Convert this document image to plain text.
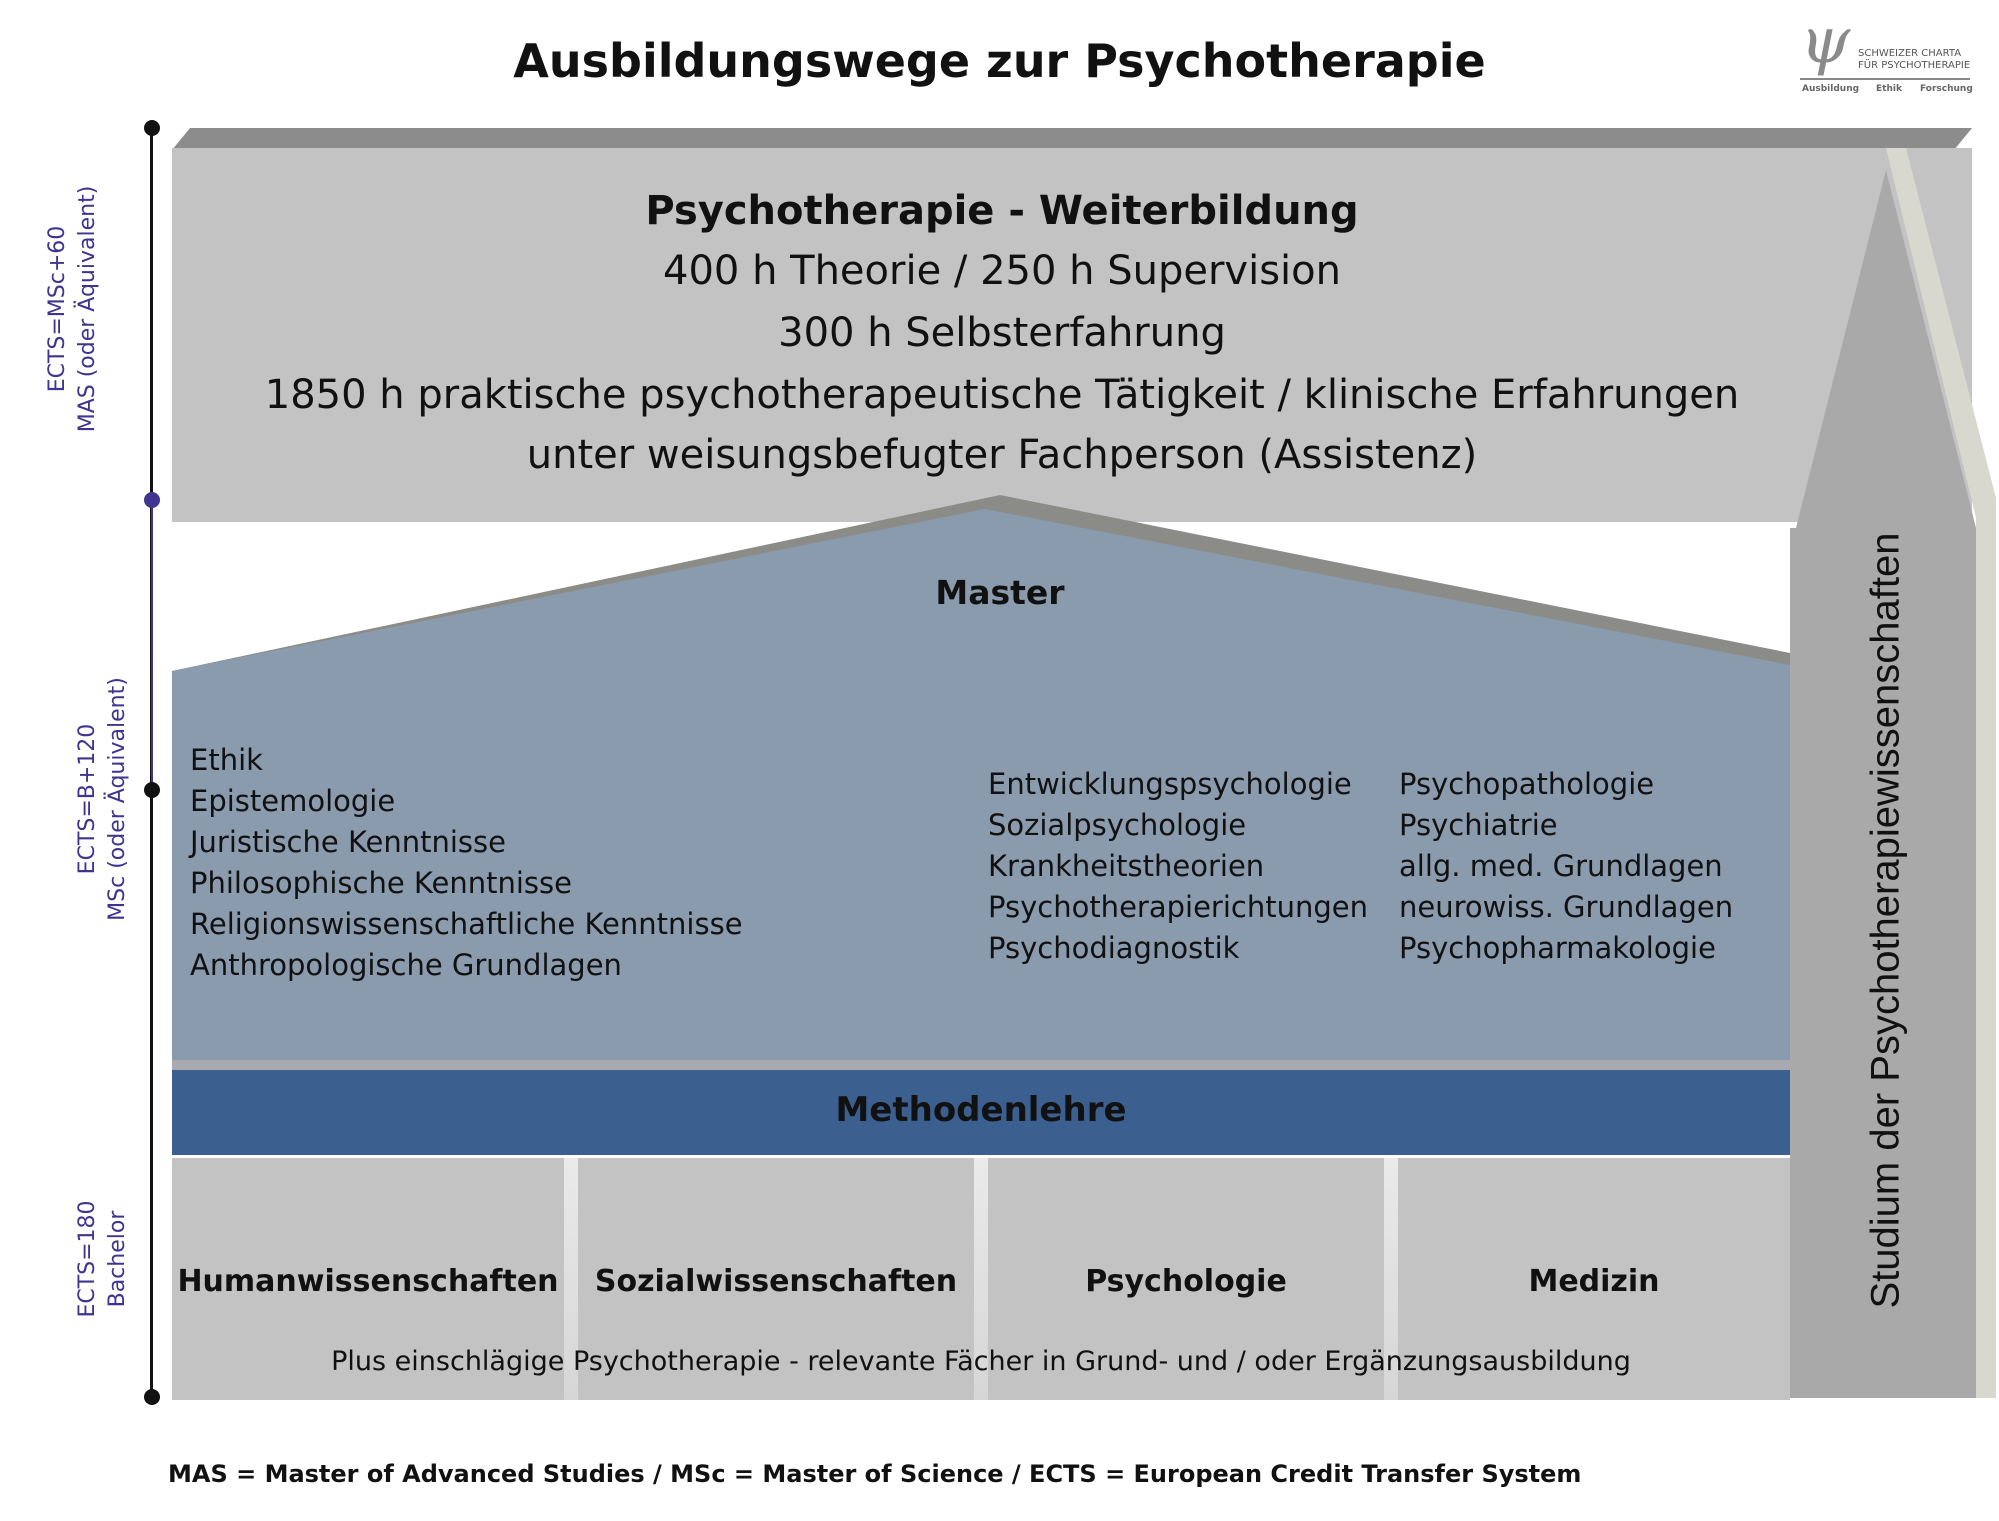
Ausbildungswege zur Psychotherapie	ψ SCHWEIZER CHARTA
FÜR PSYCHOTHERAPIE
Ausbildung Ethik Forschung
ECTS=MSc+60 MAS (oder Äquivalent)
ECTS=B+120 MSc (oder Äquivalent)
ECTS=180 Bachelor
Psychotherapie - Weiterbildung
400 h Theorie / 250 h Supervision
300 h Selbsterfahrung
1850 h praktische psychotherapeutische Tätigkeit / klinische Erfahrungen
unter weisungsbefugter Fachperson (Assistenz)
Master
Ethik
Epistemologie
Juristische Kenntnisse
Philosophische Kenntnisse
Religionswissenschaftliche Kenntnisse
Anthropologische Grundlagen
Entwicklungspsychologie
Sozialpsychologie
Krankheitstheorien
Psychotherapierichtungen
Psychodiagnostik
Psychopathologie
Psychiatrie
allg. med. Grundlagen
neurowiss. Grundlagen
Psychopharmakologie
Methodenlehre
Humanwissenschaften	Sozialwissenschaften	Psychologie	Medizin
Plus einschlägige Psychotherapie - relevante Fächer in Grund- und / oder Ergänzungsausbildung
Studium der Psychotherapiewissenschaften
MAS = Master of Advanced Studies / MSc = Master of Science / ECTS = European Credit Transfer System
